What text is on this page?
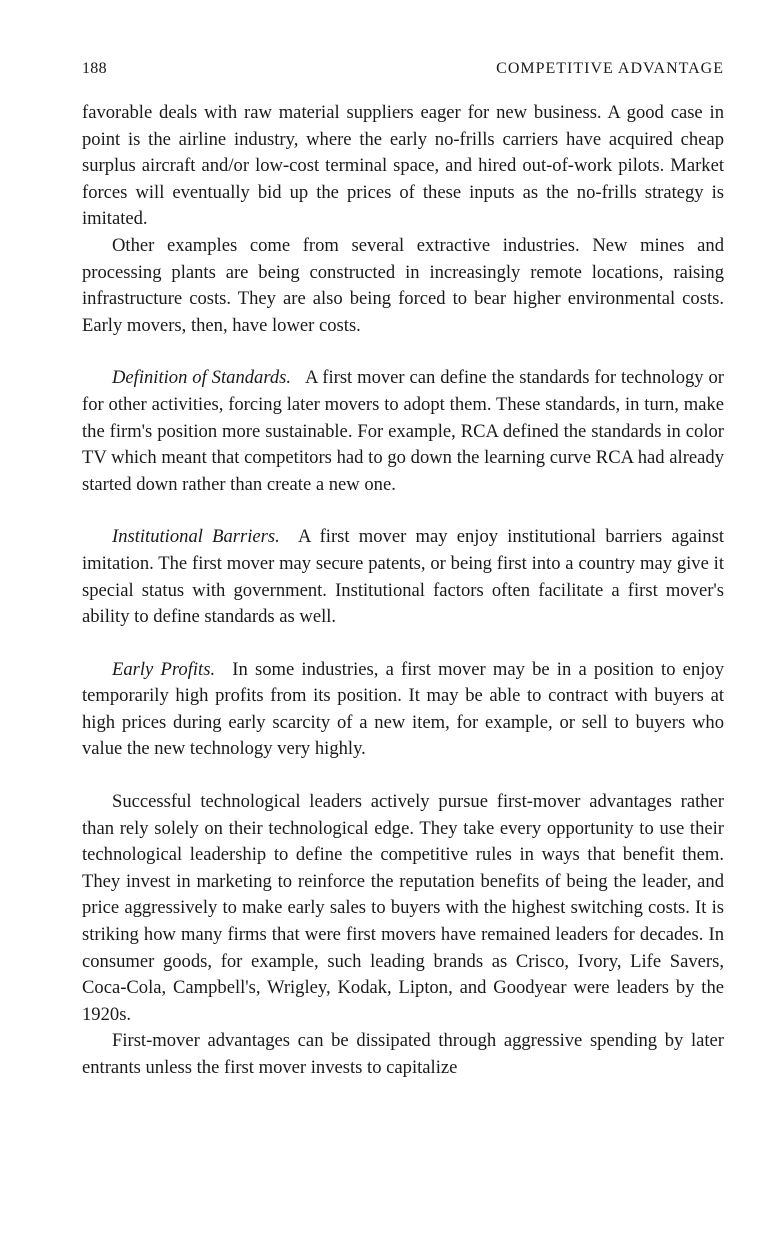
188	COMPETITIVE ADVANTAGE

favorable deals with raw material suppliers eager for new business. A good case in point is the airline industry, where the early no-frills carriers have acquired cheap surplus aircraft and/or low-cost terminal space, and hired out-of-work pilots. Market forces will eventually bid up the prices of these inputs as the no-frills strategy is imitated.

Other examples come from several extractive industries. New mines and processing plants are being constructed in increasingly remote locations, raising infrastructure costs. They are also being forced to bear higher environmental costs. Early movers, then, have lower costs.

Definition of Standards. A first mover can define the standards for technology or for other activities, forcing later movers to adopt them. These standards, in turn, make the firm's position more sustainable. For example, RCA defined the standards in color TV which meant that competitors had to go down the learning curve RCA had already started down rather than create a new one.

Institutional Barriers. A first mover may enjoy institutional barriers against imitation. The first mover may secure patents, or being first into a country may give it special status with government. Institutional factors often facilitate a first mover's ability to define standards as well.

Early Profits. In some industries, a first mover may be in a position to enjoy temporarily high profits from its position. It may be able to contract with buyers at high prices during early scarcity of a new item, for example, or sell to buyers who value the new technology very highly.

Successful technological leaders actively pursue first-mover advantages rather than rely solely on their technological edge. They take every opportunity to use their technological leadership to define the competitive rules in ways that benefit them. They invest in marketing to reinforce the reputation benefits of being the leader, and price aggressively to make early sales to buyers with the highest switching costs. It is striking how many firms that were first movers have remained leaders for decades. In consumer goods, for example, such leading brands as Crisco, Ivory, Life Savers, Coca-Cola, Campbell's, Wrigley, Kodak, Lipton, and Goodyear were leaders by the 1920s.

First-mover advantages can be dissipated through aggressive spending by later entrants unless the first mover invests to capitalize
